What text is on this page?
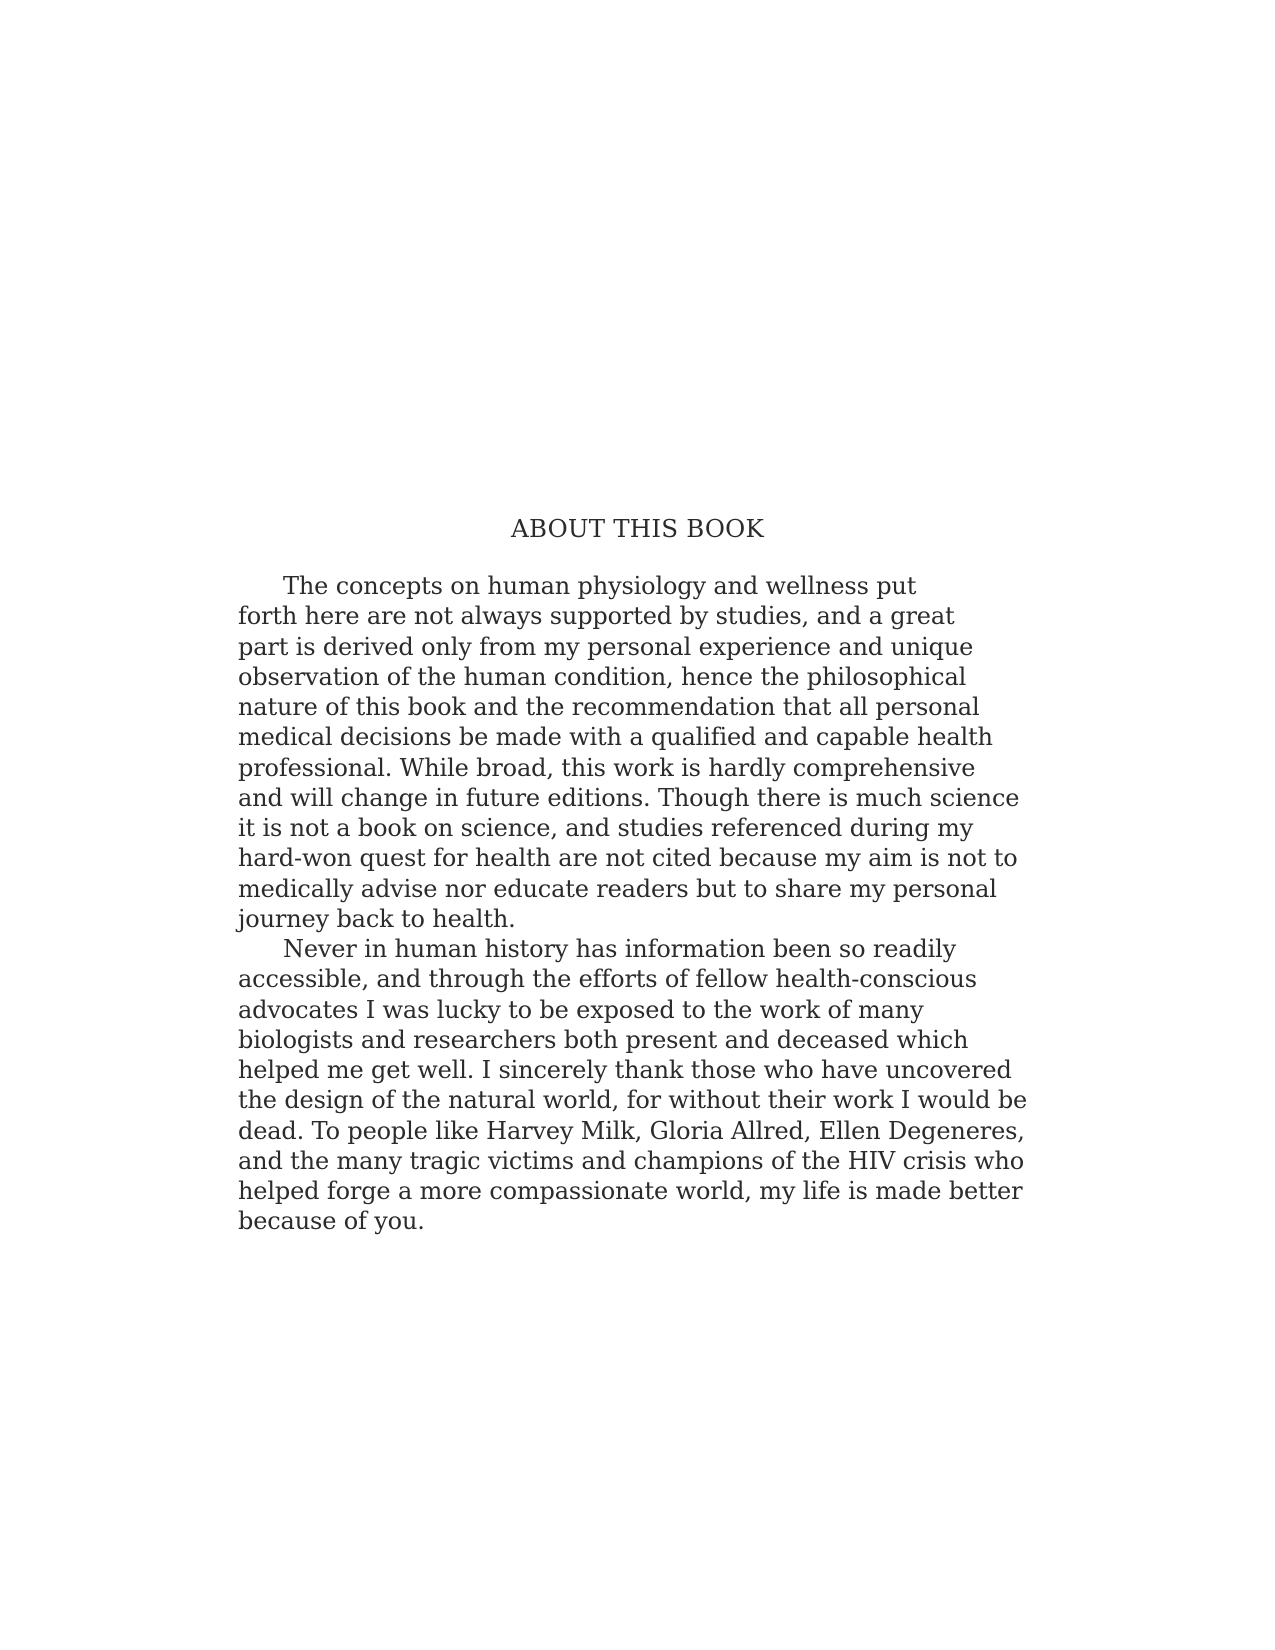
ABOUT THIS BOOK
The concepts on human physiology and wellness put
forth here are not always supported by studies, and a great
part is derived only from my personal experience and unique
observation of the human condition, hence the philosophical
nature of this book and the recommendation that all personal
medical decisions be made with a qualified and capable health
professional. While broad, this work is hardly comprehensive
and will change in future editions. Though there is much science
it is not a book on science, and studies referenced during my
hard-won quest for health are not cited because my aim is not to
medically advise nor educate readers but to share my personal
journey back to health.
Never in human history has information been so readily
accessible, and through the efforts of fellow health-conscious
advocates I was lucky to be exposed to the work of many
biologists and researchers both present and deceased which
helped me get well. I sincerely thank those who have uncovered
the design of the natural world, for without their work I would be
dead. To people like Harvey Milk, Gloria Allred, Ellen Degeneres,
and the many tragic victims and champions of the HIV crisis who
helped forge a more compassionate world, my life is made better
because of you.
